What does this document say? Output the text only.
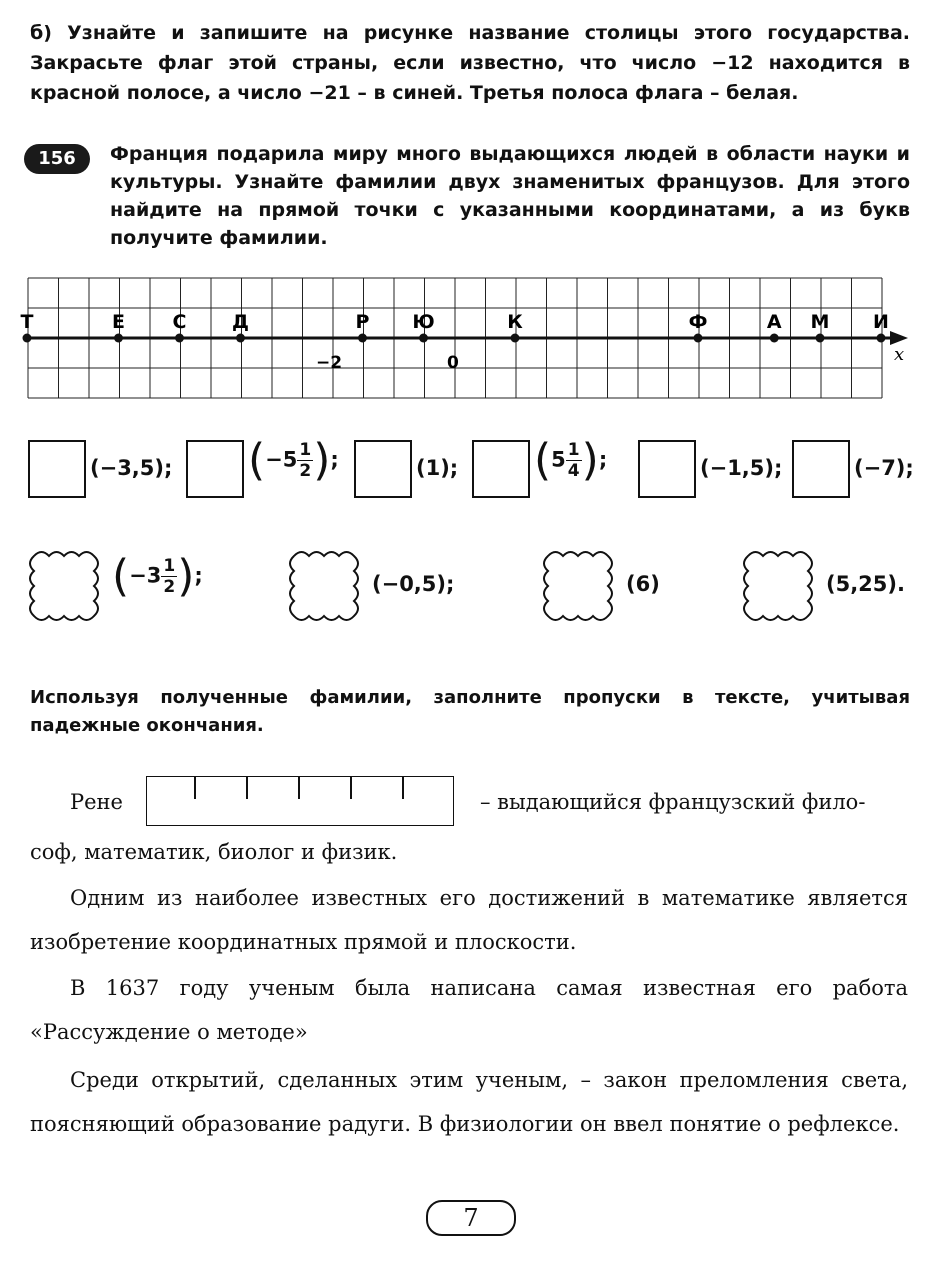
б) Узнайте и запишите на рисунке название столицы этого государства. Закрасьте флаг этой страны, если известно, что число −12 находится в красной полосе, а число −21 – в синей. Третья полоса флага – белая.
156	Франция подарила миру много выдающихся людей в области науки и культуры. Узнайте фамилии двух знаменитых французов. Для этого найдите на прямой точки с указанными координатами, а из букв получите фамилии.
Т	Е	С Д	Р Ю	К	Ф	А М И
x
−2	0
(−3,5); ($-5 \frac{1}{2}$ );	(1); ($5 \frac{1}{4}$ );	(−1,5);	(−7);
($-3 \frac{1}{2}$ );	(−0,5);	(6)	(5,25).
Используя полученные фамилии, заполните пропуски в тексте, учитывая падежные окончания.
Рене	– выдающийся французский фило-
соф, математик, биолог и физик.
Одним из наиболее известных его достижений в математике является изобретение координатных прямой и плоскости.
В 1637 году ученым была написана самая известная его работа «Рассуждение о методе»
Среди открытий, сделанных этим ученым, – закон преломления света, поясняющий образование радуги. В физиологии он ввел понятие о рефлексе.
7
